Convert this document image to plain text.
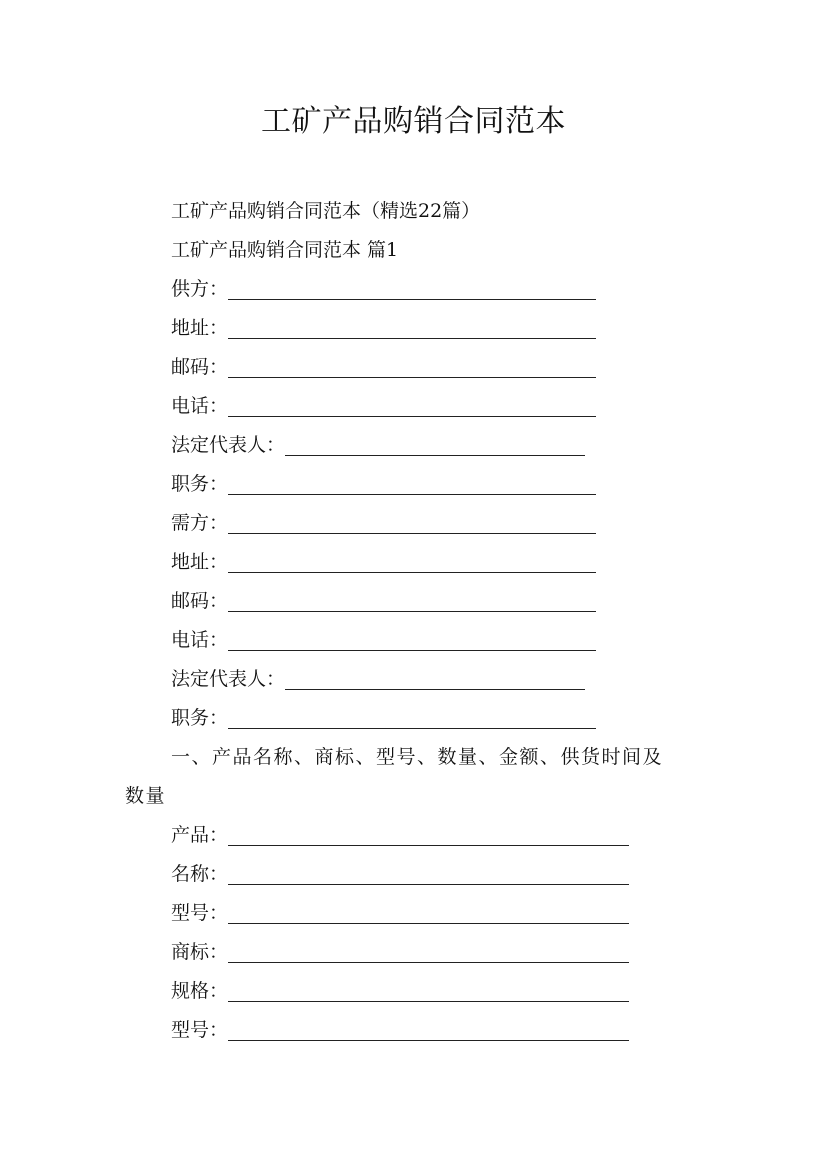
工矿产品购销合同范本
工矿产品购销合同范本（精选22篇）
工矿产品购销合同范本 篇1
供方：
地址：
邮码：
电话：
法定代表人：
职务：
需方：
地址：
邮码：
电话：
法定代表人：
职务：
一、产品名称、商标、型号、数量、金额、供货时间及
数量
产品：
名称：
型号：
商标：
规格：
型号：
